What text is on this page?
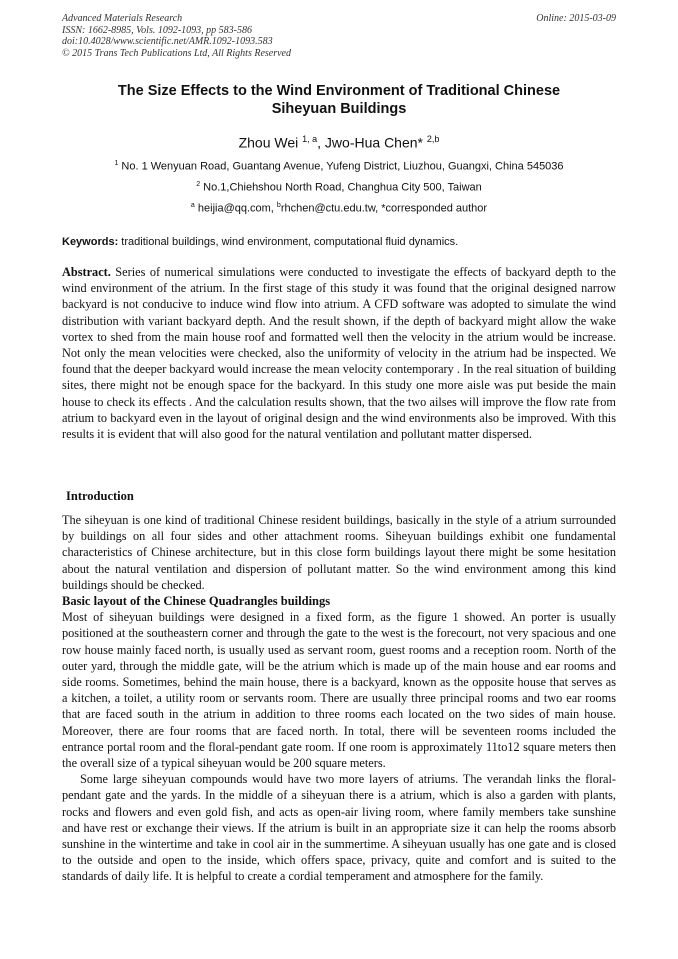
Advanced Materials Research
ISSN: 1662-8985, Vols. 1092-1093, pp 583-586
doi:10.4028/www.scientific.net/AMR.1092-1093.583
© 2015 Trans Tech Publications Ltd, All Rights Reserved
Online: 2015-03-09
The Size Effects to the Wind Environment of Traditional Chinese
Siheyuan Buildings
Zhou Wei $^{1, a}$, Jwo-Hua Chen* $^{2,b}$
$^1$ No. 1 Wenyuan Road, Guantang Avenue, Yufeng District, Liuzhou, Guangxi, China 545036
$^2$ No.1,Chiehshou North Road, Changhua City 500, Taiwan
$^a$ heijia@qq.com, $^b$rhchen@ctu.edu.tw, *corresponded author
Keywords: traditional buildings, wind environment, computational fluid dynamics.

Abstract. Series of numerical simulations were conducted to investigate the effects of backyard depth to the wind environment of the atrium. In the first stage of this study it was found that the original designed narrow backyard is not conducive to induce wind flow into atrium. A CFD software was adopted to simulate the wind distribution with variant backyard depth. And the result shown, if the depth of backyard might allow the wake vortex to shed from the main house roof and formatted well then the velocity in the atrium would be increase. Not only the mean velocities were checked, also the uniformity of velocity in the atrium had be inspected. We found that the deeper backyard would increase the mean velocity contemporary . In the real situation of building sites, there might not be enough space for the backyard. In this study one more aisle was put beside the main house to check its effects . And the calculation results shown, that the two ailses will improve the flow rate from atrium to backyard even in the layout of original design and the wind environments also be improved. With this results it is evident that will also good for the natural ventilation and pollutant matter dispersed.

Introduction

The siheyuan is one kind of traditional Chinese resident buildings, basically in the style of a atrium surrounded by buildings on all four sides and other attachment rooms. Siheyuan buildings exhibit one fundamental characteristics of Chinese architecture, but in this close form buildings layout there might be some hesitation about the natural ventilation and dispersion of pollutant matter. So the wind environment among this kind buildings should be checked.

Basic layout of the Chinese Quadrangles buildings

Most of siheyuan buildings were designed in a fixed form, as the figure 1 showed. An porter is usually positioned at the southeastern corner and through the gate to the west is the forecourt, not very spacious and one row house mainly faced north, is usually used as servant room, guest rooms and a reception room. North of the outer yard, through the middle gate, will be the atrium which is made up of the main house and ear rooms and side rooms. Sometimes, behind the main house, there is a backyard, known as the opposite house that serves as a kitchen, a toilet, a utility room or servants room. There are usually three principal rooms and two ear rooms that are faced south in the atrium in addition to three rooms each located on the two sides of main house. Moreover, there are four rooms that are faced north. In total, there will be seventeen rooms included the entrance portal room and the floral-pendant gate room. If one room is approximately 11to12 square meters then the overall size of a typical siheyuan would be 200 square meters.

Some large siheyuan compounds would have two more layers of atriums. The verandah links the floral-pendant gate and the yards. In the middle of a siheyuan there is a atrium, which is also a garden with plants, rocks and flowers and even gold fish, and acts as open-air living room, where family members take sunshine and have rest or exchange their views. If the atrium is built in an appropriate size it can help the rooms absorb sunshine in the wintertime and take in cool air in the summertime. A siheyuan usually has one gate and is closed to the outside and open to the inside, which offers space, privacy, quite and comfort and is suited to the standards of daily life. It is helpful to create a cordial temperament and atmosphere for the family.
